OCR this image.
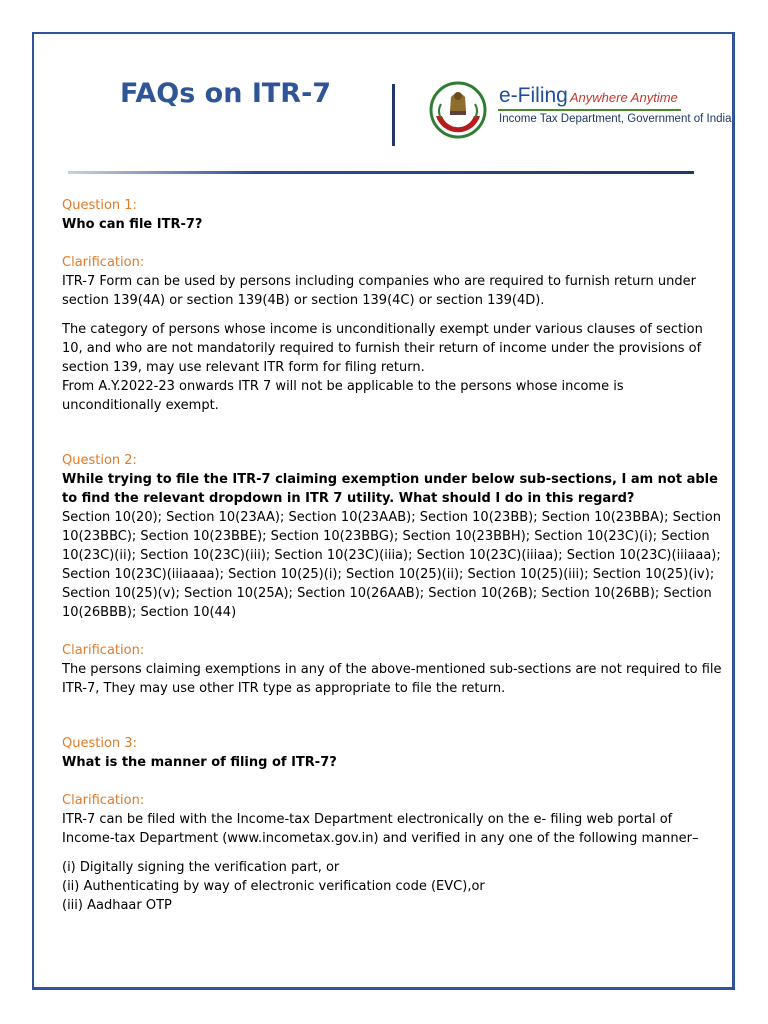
FAQs on ITR-7	e-Filing Anywhere Anytime
Income Tax Department, Government of India

Question 1:

Who can file ITR-7?

Clarification:

ITR-7 Form can be used by persons including companies who are required to furnish return under section 139(4A) or section 139(4B) or section 139(4C) or section 139(4D).

The category of persons whose income is unconditionally exempt under various clauses of section 10, and who are not mandatorily required to furnish their return of income under the provisions of section 139, may use relevant ITR form for filing return.

From A.Y.2022-23 onwards ITR 7 will not be applicable to the persons whose income is unconditionally exempt.

Question 2:

While trying to file the ITR-7 claiming exemption under below sub-sections, I am not able to find the relevant dropdown in ITR 7 utility. What should I do in this regard?

Section 10(20); Section 10(23AA); Section 10(23AAB); Section 10(23BB); Section 10(23BBA); Section 10(23BBC); Section 10(23BBE); Section 10(23BBG); Section 10(23BBH); Section 10(23C)(i); Section 10(23C)(ii); Section 10(23C)(iii); Section 10(23C)(iiia); Section 10(23C)(iiiaa); Section 10(23C)(iiiaaa); Section 10(23C)(iiiaaaa); Section 10(25)(i); Section 10(25)(ii); Section 10(25)(iii); Section 10(25)(iv); Section 10(25)(v); Section 10(25A); Section 10(26AAB); Section 10(26B); Section 10(26BB); Section 10(26BBB); Section 10(44)

Clarification:

The persons claiming exemptions in any of the above-mentioned sub-sections are not required to file ITR-7, They may use other ITR type as appropriate to file the return.

Question 3:

What is the manner of filing of ITR-7?

Clarification:

ITR-7 can be filed with the Income-tax Department electronically on the e- filing web portal of Income-tax Department (www.incometax.gov.in) and verified in any one of the following manner–

(i) Digitally signing the verification part, or

(ii) Authenticating by way of electronic verification code (EVC),or

(iii) Aadhaar OTP
